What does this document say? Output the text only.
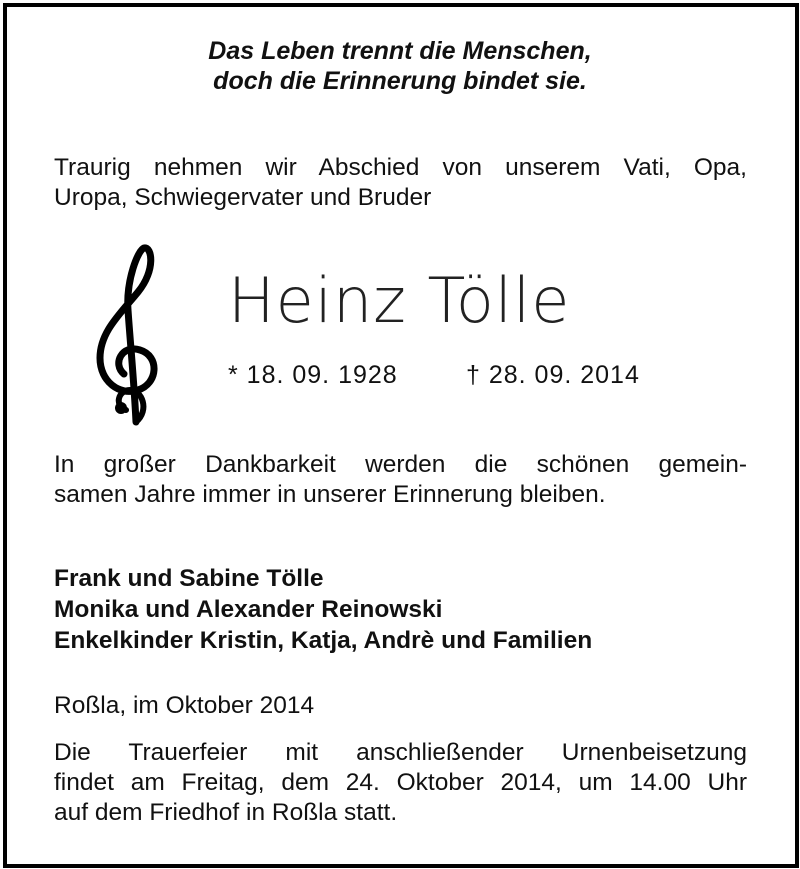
Das Leben trennt die Menschen,
doch die Erinnerung bindet sie.
Traurig nehmen wir Abschied von unserem Vati, Opa,
Uropa, Schwiegervater und Bruder
Heinz Tölle
* 18. 09. 1928	† 28. 09. 2014
In großer Dankbarkeit werden die schönen gemein-
samen Jahre immer in unserer Erinnerung bleiben.
Frank und Sabine Tölle
Monika und Alexander Reinowski
Enkelkinder Kristin, Katja, Andrè und Familien
Roßla, im Oktober 2014
Die Trauerfeier mit anschließender Urnenbeisetzung
findet am Freitag, dem 24. Oktober 2014, um 14.00 Uhr
auf dem Friedhof in Roßla statt.
